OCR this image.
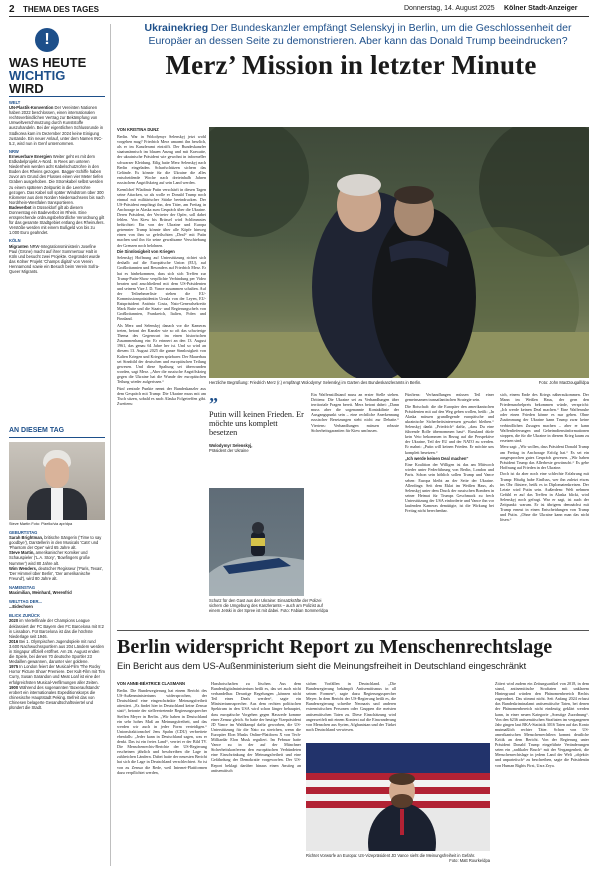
2 THEMA DES TAGES	Donnerstag, 14. August 2025 Kölner Stadt-Anzeiger
!
WAS HEUTE
WICHTIG
WIRD
WELT
UN-Plastik-Konvention Der Vereinten Nationen haben 2022 beschlossen, einen internationalen rechtsverbindlichen Vertrag zur Bekämpfung von Umweltverschmutzung durch Kunststoffe auszuhandeln. Bei der eigentlichen Schlussrunde in Südkorea kam im Dezember 2024 keine Einigung zustande. Ein neuer Anlauf, unter dem Namen INC-5.2, wird nun in Genf unternommen.
NRW
Erneuerbare Energien Weiter geht es mit dem Erdkabelprojekt A-Nord. In Rees am unteren Niederrhein werden acht Kabelschutzrohre in den Boden des Rheins gezogen. Bagger-Schiffe haben zuvor am Grund des Flusses einen vier Meter tiefen Graben ausgehoben. Die Stromkabel selbst werden zu einem späteren Zeitpunkt in die Leerrohre gezogen. Das Kabel soll später Windstrom über 300 Kilometer aus dem Norden Niedersachsens bis nach Nordrhein-Westfalen transportieren.
Badeverbot in Düsseldorf gilt ab diesem Donnerstag ein Badeverbot im Rhein. Eine entsprechende ordnungsbehördliche Verordnung gilt für das gesamte Stadtgebiet entlang des Rheinufers. Verstöße werden mit einem Bußgeld von bis zu 1.000 Euro geahndet.
KÖLN
Migranten NRW-Integrationsministerin Josefine Paul (Grüne) macht auf ihrer Sommertour Halt in Köln und besucht zwei Projekte. Gegründet wurde das Kölner Projekt 'Champs digital' von Verein Hennamond sowie ein Besuch beim Verein Sofra-Queer Migrants.
AN DIESEM TAG
Steve Martin Foto: Pizello/via apr/dpa
GEBURTSTAG
Sarah Brightman, britische Sängerin ('Time to say goodbye'), Darstellerin in den Musicals 'Cats' und 'Phantom der Oper' wird 65 Jahre alt.
Steve Martin, amerikanischer Komiker und Schauspieler ('L.A. Story', 'Bowfingers große Nummer') wird 80 Jahre alt.
Wim Wenders, deutscher Regisseur ('Paris, Texas', 'Der Himmel über Berlin', 'Der amerikanische Freund'), wird 80 Jahre alt.
NAMENSTAG
Maximilian, Meinhard, Werenfrid
WELTTAG DER...
...Eidechsen
BLICK ZURÜCK
2020 im Viertelfinale der Champions League deklassiert der FC Bayern den FC Barcelona mit 8:2 in Lissabon. Für Barcelona ist das die höchste Niederlage seit 1946.
2016 Bei 1. Olympischen Jugendspiele mit rund 3.600 Nachwuchssportlern aus 204 Ländern werden in Singapur offiziell eröffnet. Am 26. August enden die Spiele, bei denen 70 deutsche Sportler 23 Medaillen gewannen, darunter vier goldene.
1975 In London feiert der Musical-Film 'The Rocky Horror Picture Show' Premiere. Der Kult-Film mit Tim Curry, Susan Sarandon und Meat Loaf ist eine der erfolgreichsten Musical-Verfilmungen aller Zeiten.
1900 Während des sogenannten 'Boxeraufstands' erobert ein internationales Expeditionskorps die chinesische Hauptstadt Peking. Befreit das von Chinesen belagerte Gesandtschaftsviertel und plündert die Stadt.
Ukrainekrieg Der Bundeskanzler empfängt Selenskyj in Berlin, um die Geschlossenheit der Europäer an dessen Seite zu demonstrieren. Aber kann das Donald Trump beeindrucken?
Merz’ Mission in letzter Minute
VON KRISTINA DUNZ

Berlin. War in Wolodymyr Selenskyj jetzt wohl vorgehen mag? Friedrich Merz umarmt ihn herzlich, als er im Kanzleramt eintrifft. Der Bundeskanzler staatsmännisch im blauen Anzug und mit Krawatte, der ukrainische Präsident wie gewohnt in informeller schwarzer Kleidung. Eilig hatte Merz Selenskyj nach Berlin eingeladen. Scharfschützen sichern das Gelände. Es könnte für die Ukraine die alles entscheidende Woche nach dreieinhalb Jahren russischem Angriffskrieg auf sein Land werden.

Kremlchef Wladimir Putin verschärft in diesen Tagen seine Attacken, so als wolle er Donald Trump noch einmal mit militärischer Stärke beeindrucken. Der US-Präsident empfängt ihn, den Täter, am Freitag in Anchorage in Alaska zum Gespräch über die Ukraine. Deren Präsident, der Vertreter der Opfer, soll dabei fehlen. Von Kiew bis Brüssel wird Schlimmstes befürchtet: Ein von der Ukraine und Europa getrennter Trump könnte über alle Köpfe hinweg einen von ihm so gefeilschten „Deal“ mit Putin machen und ihn für seine gewaltsame Verschiebung der Grenzen noch belohnen.

Die Sinnlosigkeit von Kriegen

Selenskyj Hoffnung auf Unterstützung richtet sich deshalb auf die Europäische Union (EU), auf Großbritannien und Besonders auf Friedrich Merz. Er hat es hinbekommen, dass sich sich Treffen zur Trump-Putin-Show verpflichte Verbindung per Video beraten und anschließend mit dem US-Präsidenten und seinem Vize J. D. Vance zusammen schalten. Auf der Teilnehmerliste stehen die EU-Kommissionspräsidentin Ursula von der Leyen, EU-Ratspräsident António Costa, Nato-Generalsekretär Mark Rutte und die Staats- und Regierungschefs von Großbritannien, Frankreich, Italien, Polen und Finnland.

Als Merz und Selenskyj danach vor die Kameras treten, betont der Kanzler wie so oft das schwierige Thema des Gegenwart im einen historischen Zusammenhang ein: Er erinnert an den 13. August 1961, das genau 64 Jahre her ist. Und so wird an diesem 13. August 2025 die ganze Sinnlosigkeit von Kalten Kriegen und Kriegen spürbarer. Der Mauerbau sei Sinnbild der deutschen und europäischen Teilung gewesen. Und diese Spaltung sei überwunden worden, sagt Merz. „Aber die russische Angriffskrieg gegen die Ukraine hat die Wunde der europäischen Teilung wieder aufgerissen.“

Fünf zentrale Punkte nennt der Bundeskanzler aus dem Gespräch mit Trump: Die Ukraine muss mit am Tisch sitzen, sobald es nach Alaska Folgetreffen gibt. Zweitens:

Herzliche Begrüßung: Friedrich Merz (r.) empfängt Wolodymyr Selenskyj im Garten des Bundeskanzleramts in Berlin.	Foto: John MacDougall/dpa
”
Putin will keinen Frieden. Er möchte uns komplett besetzen
Wolodymyr Selenskyj,
Präsident der Ukraine
Schutz für den Gast aus der Ukraine: Einsatzkräfte der Polizei sichern die Umgebung des Kanzleramts – auch am Polizist auf einem Jetski in der Spree ist mit dabei. Foto: Fabian Sommer/dpa

Ein Waffenstillstand muss an erster Stelle stehen. Drittens: Die Ukraine sei zu Verhandlungen über territoriale Fragen bereit. Merz betont dabei: „Dann muss aber die sogenannte Kontaktlinie der Ausgangspunkt sein – eine rechtliche Anerkennung russischer Besetzungen steht nicht zur Debatte.“ Viertens: Verhandlungen müssen robuste Sicherheitsgarantien für Kiew umfassen.

Fünftens: Verhandlungen müssen Teil einer gemeinsamen transatlantischen Strategie sein.

Die Botschaft: die die Europäer den amerikanischen Präsidenten mit auf den Weg geben wollen, heißt: „In Alaska müssen grundlegende europäische und ukrainische Sicherheitsinteressen gewahrt bleiben.“ Selenskyj dankt „Friedrich“ dafür, „dass Du eine führende Rolle übernommen hast“. Russland dürfe kein Veto bekommen in Bezug auf die Perspektive der Ukraine, Teil der EU und der NATO zu werden. Er mahnt: „Putin will keinen Frieden. Er möchte uns komplett besetzen.“

„Ich werde keinen Deal machen“

Eine Koalition der Willigen ist das am Mittwoch wieder unter Federführung von Berlin, London und Paris. Schon sein höhlich sollen Trump und Vance sehen: Europa bleibt an der Seite der Ukraine. Allerdings: Seit dem Eklat im Weißen Haus, als Selenskyj unter dem Druck der russischen Bomben in seiner Heimat für Trumps Geschmack zu frech Unterstützung der USA einforderte und Vance ihn vor laufenden Kameras demütigte, ist die Wirkung bei Freitag nicht berechenbar.

sich, einem Ende des Kriegs näherzukommen. Der Mann im Weißen Haus, der gern den Friedensnobelpreis bekommen würde, verspricht: „Ich werde keinen Deal machen.“ Eine Waffenruhe oder einen Frieden könne es nur geben. Ohne Zustimmung der Ukraine kann Trump zwar keine verbindlichen Zusagen machen – aber er kann Waffenlieferungen und Geheimdienstinformationen stoppen, die für die Ukraine in diesem Krieg kaum zu ersetzen sind.

Merz sagt: „Wir wollen, dass Präsident Donald Trump am Freitag in Anchorage Erfolg hat.“ Es sei ein ausgesprochen gutes Gespräch gewesen. „Wir haben Präsident Trump das Allerbeste gewünscht.“ Es gebe Hoffnung auf Frieden in der Ukraine.

Doch ist da aber noch eine schlechte Erfahrung mit Trump: Häufig habe Einfluss, wer ihn zuletzt etwas ins Ohr flüstere, heißt es in Diplomatenkreisen. Der Letzte wird Putin sein. Außerdem: Welt nehmen Gefühl er auf das Treffen in Alaska blickt, wird Selenskyj noch gefragt. War er sagt, ist auch der Zeitpunkt: warum. Er ist übrigens demnächst mit Trump erneut in einen Entscheidungen von Trump und Putin. „Ohne die Ukraine kann man das nicht lösen.“

Berlin widerspricht Report zu Menschenrechtslage
Ein Bericht aus dem US-Außenministerium sieht die Meinungsfreiheit in Deutschland eingeschränkt
VON ANNE-BÉATRICE CLASMANN

Berlin. Die Bundesregierung hat einem Bericht des US-Außenministeriums widersprochen, der Deutschland eine eingeschränkte Meinungsfreiheit attestiert. „Es findet hier in Deutschland keine Zensur statt“, betonte der stellvertretende Regierungssprecher Steffen Meyer in Berlin. „Wir haben in Deutschland ein sehr hohes Maß an Meinungsfreiheit, und das werden wir auch in jeder Form verteidigen.“ Unionsfraktionschef Jens Spahn (CDU) verbreitete ebenfalls: „Jeder kann in Deutschland sagen, was er denkt. Das ist ein freies Land“, verriet er der Bild TV. Die Menschenrechts-Berichte der US-Regierung erscheinen jährlich und beschreiben die Lage in zahlreichen Ländern. Dabei hatte der neuesten Bericht hat sich die Lage in Deutschland verschlechtert. So ist von zu Zensur die Rede, weil Internet-Plattformen dazu verpflichtet werden,

Hassbotschaften zu löschen. Aus dem Bundesdigitalministerium heißt es, das sei auch nicht verhandelbar. Derartige Regelungen „können nicht Teil eines Deals werden“, sagte ein Ministeriumssprecher. Aus dem rechten politischen Spektrum in den USA wird schon länger behauptet, dass europäische Vorgehen gegen Hassrede komme einer Zensur gleich. So hatte der heutige Vizepräsident JD Vance im Wahlkampf dafür geworben, die US-Unterstützung für die Nato zu streichen, wenn die Europäer Elon Musks Online-Plattform X von Tech-Milliardär Elon Musk reguliert. Im Februar hatte Vance zu in der auf der Münchner Sicherheitskonferenz den europäischen Verbündeten eine Einschränkung der Meinungsfreiheit und eine Gefährdung der Demokratie vorgeworfen. Der US-Report beklagt darüber hinaus einen Anstieg an antisemitisch

sichen Vorfällen in Deutschland. „Die Bundesregierung bekämpft Antisemitismus in all seinen Formen“, sagte dazu Regierungssprecher Meyer. In dem Bericht der US-Regierung heißt es, die Bundesregierung schreibe Neonazis und anderen extremistischen Personen oder Gruppen die meisten antisemitischen Taten zu. Diese Einschätzung wird angezweifelt mit einem Kontext auf die Einwanderung von Menschen aus Syrien, Afghanistan und der Türkei nach Deutschland verwiesen.

Zitiert wird zudem ein Zeitungsartikel von 2018, in dem stand, antisemitische Straftaten mit unklarem Hintergrund würden den Phänomenbereich Rechts zugeordnet. Das stimmt nicht. Seit Anfang 2024 erfasst das Bundeskriminalamt antisemitische Taten, bei denen der Phänomenbereich nicht eindeutig geklärt werden kann, in einer neuen Kategorie „Sonstige Zuordnung“. Von den 6236 antisemitischen Straftaten im vergangenen Jahr gingen laut BKA-Statistik 3016 Taten auf das Konto mutmaßlich rechter Täter. Schon von US-amerikanischen Menschenrechtlern kommt deutliche Kritik an dem Bericht. Von der Regierung unter Präsident Donald Trump eingeführte Veränderungen seien ein „radikaler Bruch“ mit der Vergangenheit, die Menschenrechtslage in jedem Land der Welt „objektiv und unparteiisch“ zu beschreiben, sagte die Präsidentin von Human Rights First, Uzra Zeya.

Richtet Vorwürfe an Europa: US-Vizepräsident JD Vance sieht die Meinungsfreiheit in Gefahr.
Foto: Matt Rourke/dpa
